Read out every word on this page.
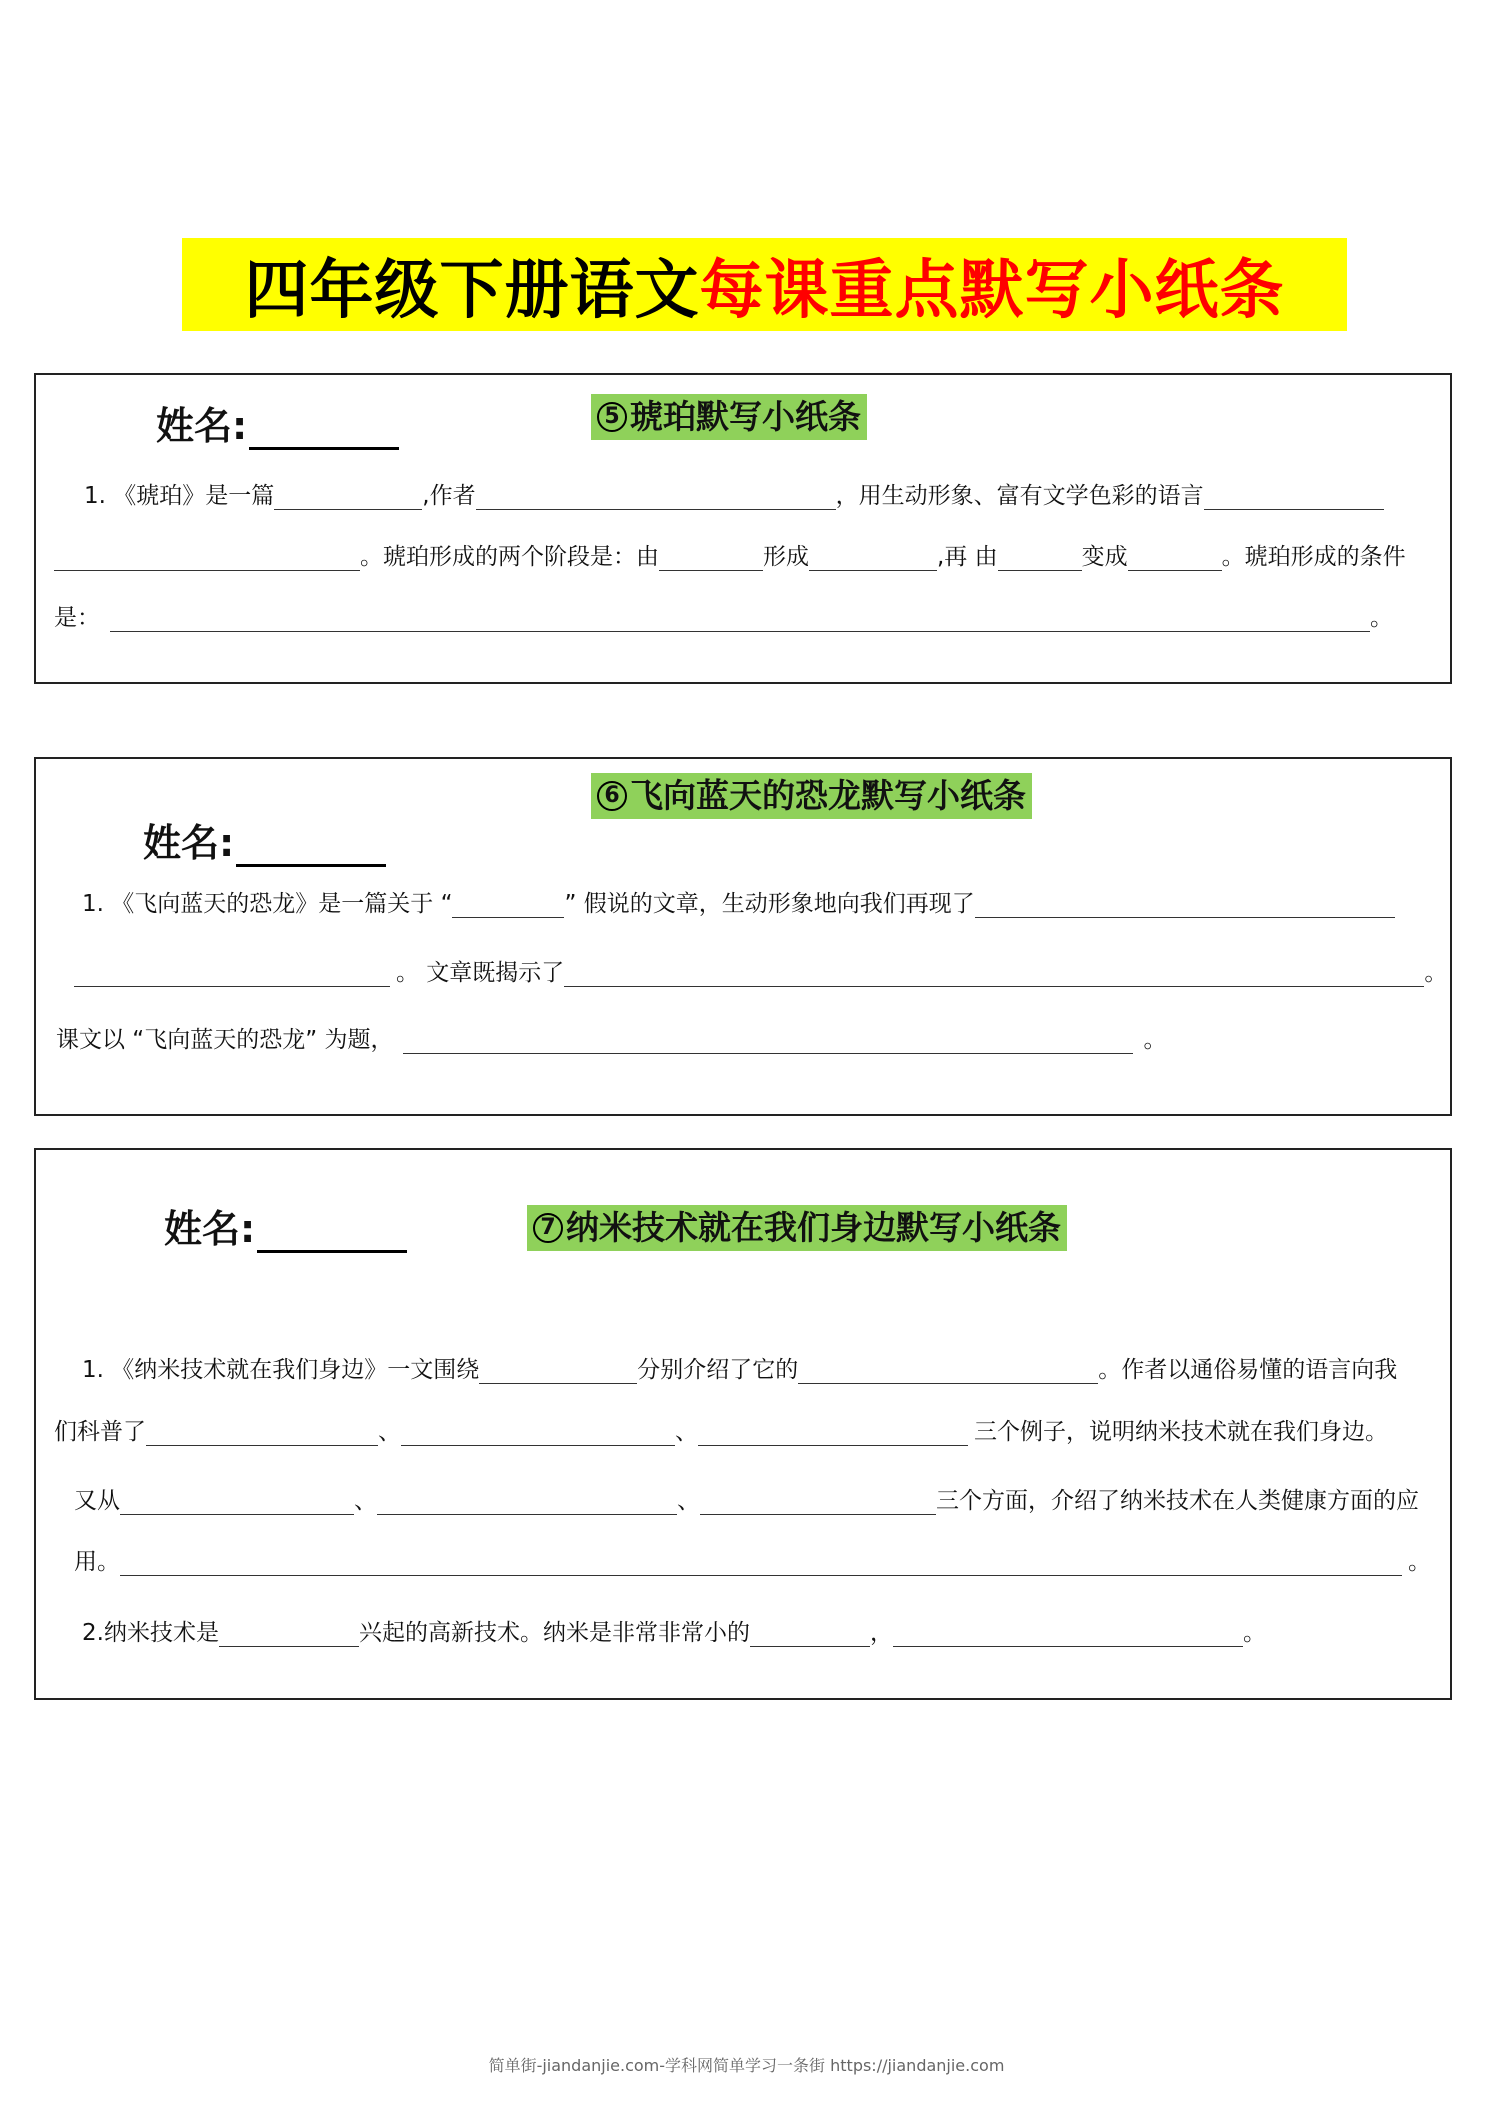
四年级下册语文 每课重点默写小纸条
姓名:	5 琥珀默写小纸条
1. 《琥珀》是一篇	,作者	，用生动形象、富有文学色彩的语言
。琥珀形成的两个阶段是：由	形成	,再 由	变成	。琥珀形成的条件
是：	。
6 飞向蓝天的恐龙默写小纸条
姓名:
1. 《飞向蓝天的恐龙》是一篇关于 “	” 假说的文章，生动形象地向我们再现了
。 文章既揭示了	。
课文以 “飞向蓝天的恐龙” 为题，	。
姓名:	7 纳米技术就在我们身边默写小纸条
1. 《纳米技术就在我们身边》一文围绕	分别介绍了它的	。作者以通俗易懂的语言向我
们科普了	、	、	三个例子，说明纳米技术就在我们身边。
又从	、	、	三个方面，介绍了纳米技术在人类健康方面的应
用。	。
2.纳米技术是	兴起的高新技术。纳米是非常非常小的	，	。
简单街-jiandanjie.com-学科网简单学习一条街 https://jiandanjie.com
